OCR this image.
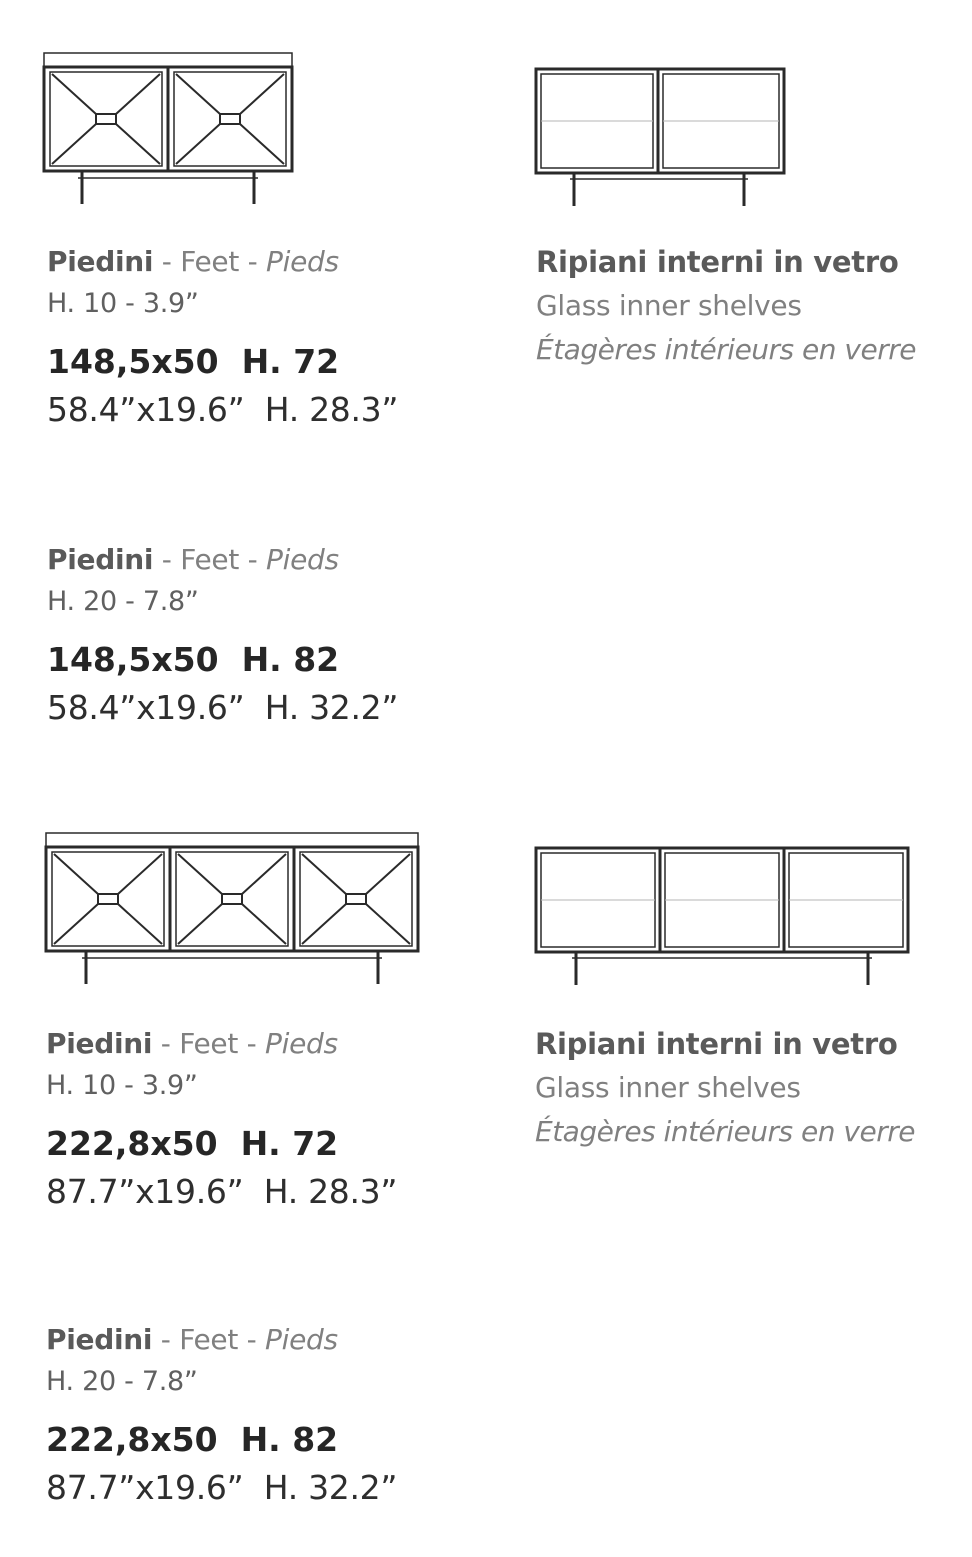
Piedini - Feet - Pieds
H. 10 - 3.9”
148,5x50  H. 72
58.4”x19.6”  H. 28.3”
Ripiani interni in vetro
Glass inner shelves
Étagères intérieurs en verre
Piedini - Feet - Pieds
H. 20 - 7.8”
148,5x50  H. 82
58.4”x19.6”  H. 32.2”
Piedini - Feet - Pieds
H. 10 - 3.9”
222,8x50  H. 72
87.7”x19.6”  H. 28.3”
Ripiani interni in vetro
Glass inner shelves
Étagères intérieurs en verre
Piedini - Feet - Pieds
H. 20 - 7.8”
222,8x50  H. 82
87.7”x19.6”  H. 32.2”
